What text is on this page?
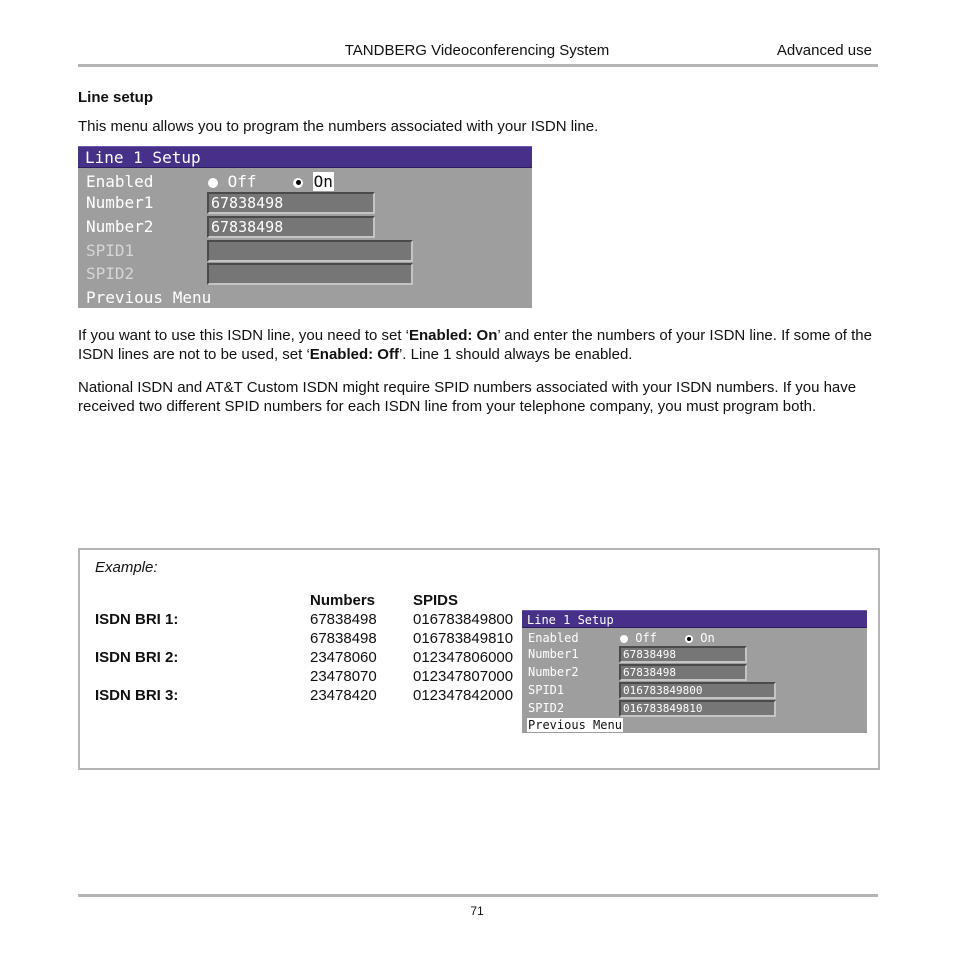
TANDBERG Videoconferencing System	Advanced use
Line setup
This menu allows you to program the numbers associated with your ISDN line.
Line 1 Setup
Enabled	Off	On
Number1	67838498
Number2	67838498
SPID1
SPID2
Previous Menu
If you want to use this ISDN line, you need to set ‘Enabled: On’ and enter the numbers of your ISDN line. If some of the ISDN lines are not to be used, set ‘Enabled: Off’. Line 1 should always be enabled.
National ISDN and AT&T Custom ISDN might require SPID numbers associated with your ISDN numbers. If you have received two different SPID numbers for each ISDN line from your telephone company, you must program both.
Example:
Numbers	SPIDS
ISDN BRI 1:	67838498 016783849800
67838498 016783849810
ISDN BRI 2:	23478060 012347806000
23478070 012347807000
ISDN BRI 3:	23478420 012347842000
Line 1 Setup
Enabled	Off	On
Number1	67838498
Number2	67838498
SPID1	016783849800
SPID2	016783849810
Previous Menu
71
